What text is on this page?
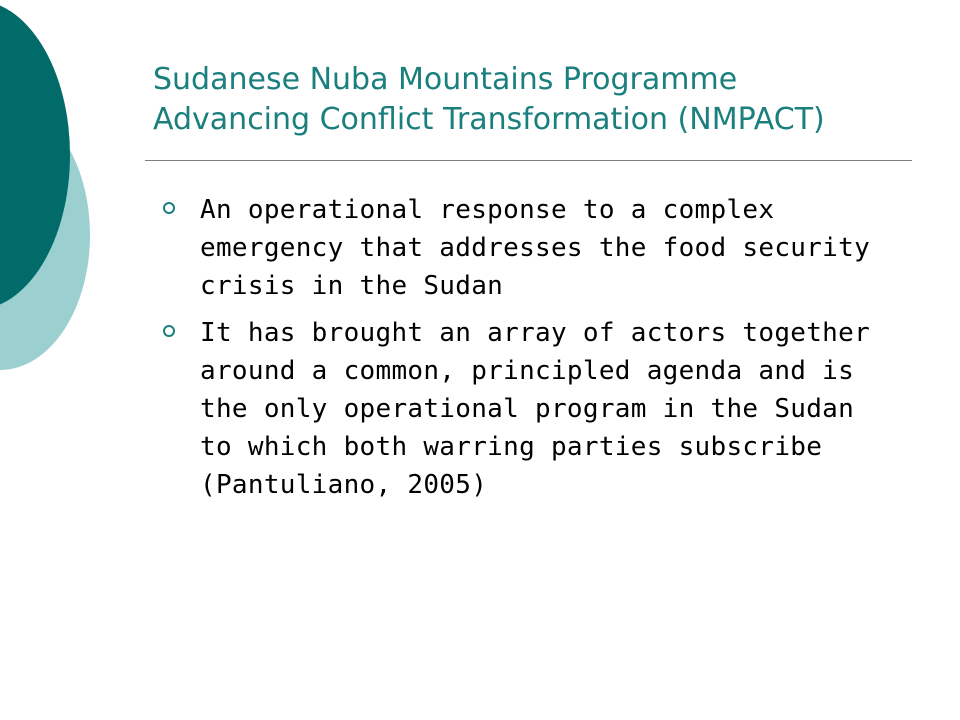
Sudanese Nuba Mountains Programme
Advancing Conflict Transformation (NMPACT)
An operational response to a complex
emergency that addresses the food security
crisis in the Sudan
It has brought an array of actors together
around a common, principled agenda and is
the only operational program in the Sudan
to which both warring parties subscribe
(Pantuliano, 2005)
